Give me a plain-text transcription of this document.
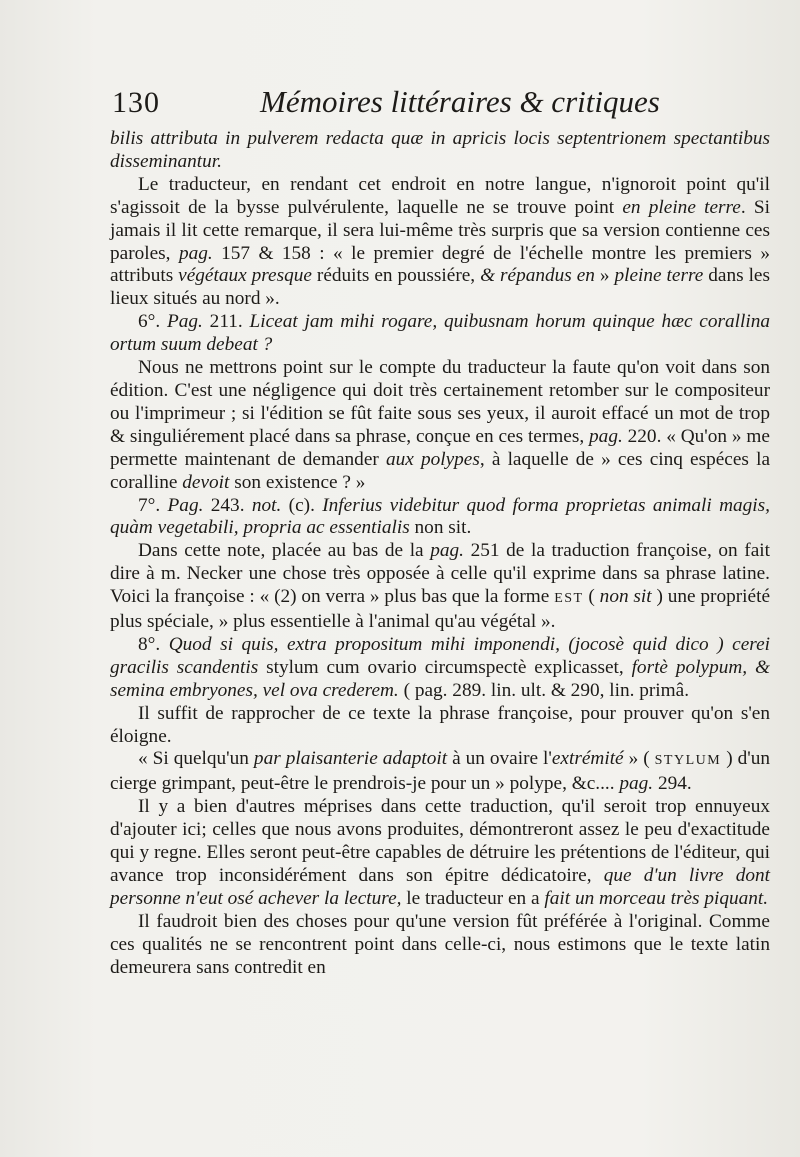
130	Mémoires littéraires & critiques

bilis attributa in pulverem redacta quæ in apricis locis septentrionem spectantibus disseminantur.

Le traducteur, en rendant cet endroit en notre langue, n'ignoroit point qu'il s'agissoit de la bysse pulvérulente, laquelle ne se trouve point en pleine terre. Si jamais il lit cette remarque, il sera lui-même très surpris que sa version contienne ces paroles, pag. 157 & 158 : « le premier degré de l'échelle montre les premiers » attributs végétaux presque réduits en poussiére, & répandus en » pleine terre dans les lieux situés au nord ».

6°. Pag. 211. Liceat jam mihi rogare, quibusnam horum quinque hæc corallina ortum suum debeat ?

Nous ne mettrons point sur le compte du traducteur la faute qu'on voit dans son édition. C'est une négligence qui doit très certainement retomber sur le compositeur ou l'imprimeur ; si l'édition se fût faite sous ses yeux, il auroit effacé un mot de trop & singuliérement placé dans sa phrase, conçue en ces termes, pag. 220. « Qu'on » me permette maintenant de demander aux polypes, à laquelle de » ces cinq espéces la coralline devoit son existence ? »

7°. Pag. 243. not. (c). Inferius videbitur quod forma proprietas animali magis, quàm vegetabili, propria ac essentialis non sit.

Dans cette note, placée au bas de la pag. 251 de la traduction françoise, on fait dire à m. Necker une chose très opposée à celle qu'il exprime dans sa phrase latine. Voici la françoise : « (2) on verra » plus bas que la forme EST ( non sit ) une propriété plus spéciale, » plus essentielle à l'animal qu'au végétal ».

8°. Quod si quis, extra propositum mihi imponendi, (jocosè quid dico ) cerei gracilis scandentis stylum cum ovario circumspectè explicasset, fortè polypum, & semina embryones, vel ova crederem. ( pag. 289. lin. ult. & 290, lin. primâ.

Il suffit de rapprocher de ce texte la phrase françoise, pour prouver qu'on s'en éloigne.

« Si quelqu'un par plaisanterie adaptoit à un ovaire l'extrémité » ( STYLUM ) d'un cierge grimpant, peut-être le prendrois-je pour un » polype, &c.... pag. 294.

Il y a bien d'autres méprises dans cette traduction, qu'il seroit trop ennuyeux d'ajouter ici; celles que nous avons produites, démontreront assez le peu d'exactitude qui y regne. Elles seront peut-être capables de détruire les prétentions de l'éditeur, qui avance trop inconsidérément dans son épitre dédicatoire, que d'un livre dont personne n'eut osé achever la lecture, le traducteur en a fait un morceau très piquant.

Il faudroit bien des choses pour qu'une version fût préférée à l'original. Comme ces qualités ne se rencontrent point dans celle-ci, nous estimons que le texte latin demeurera sans contredit en
